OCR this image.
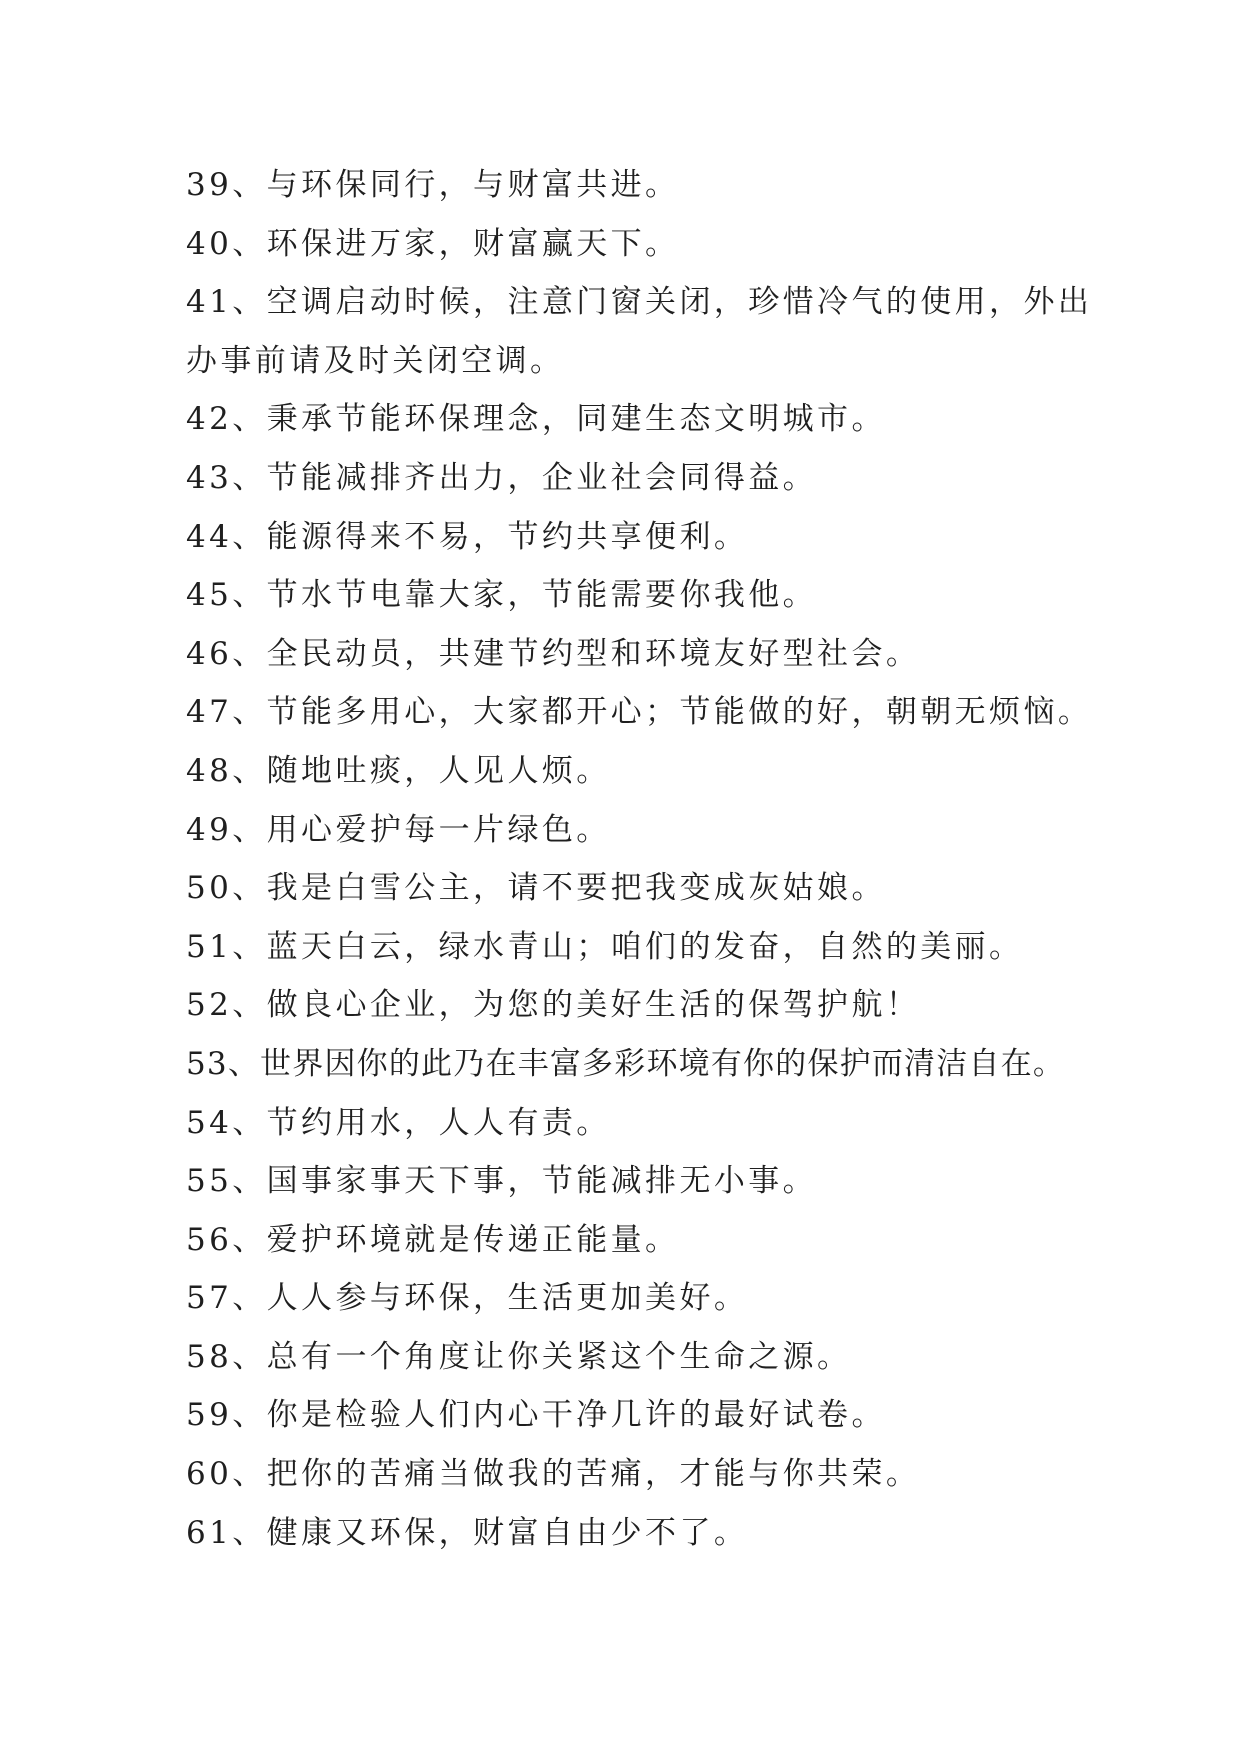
39、与环保同行，与财富共进。
40、环保进万家，财富赢天下。
41、空调启动时候，注意门窗关闭，珍惜冷气的使用，外出
办事前请及时关闭空调。
42、秉承节能环保理念，同建生态文明城市。
43、节能减排齐出力，企业社会同得益。
44、能源得来不易，节约共享便利。
45、节水节电靠大家，节能需要你我他。
46、全民动员，共建节约型和环境友好型社会。
47、节能多用心，大家都开心；节能做的好，朝朝无烦恼。
48、随地吐痰，人见人烦。
49、用心爱护每一片绿色。
50、我是白雪公主，请不要把我变成灰姑娘。
51、蓝天白云，绿水青山；咱们的发奋，自然的美丽。
52、做良心企业，为您的美好生活的保驾护航！
53、世界因你的此乃在丰富多彩环境有你的保护而清洁自在。
54、节约用水，人人有责。
55、国事家事天下事，节能减排无小事。
56、爱护环境就是传递正能量。
57、人人参与环保，生活更加美好。
58、总有一个角度让你关紧这个生命之源。
59、你是检验人们内心干净几许的最好试卷。
60、把你的苦痛当做我的苦痛，才能与你共荣。
61、健康又环保，财富自由少不了。
